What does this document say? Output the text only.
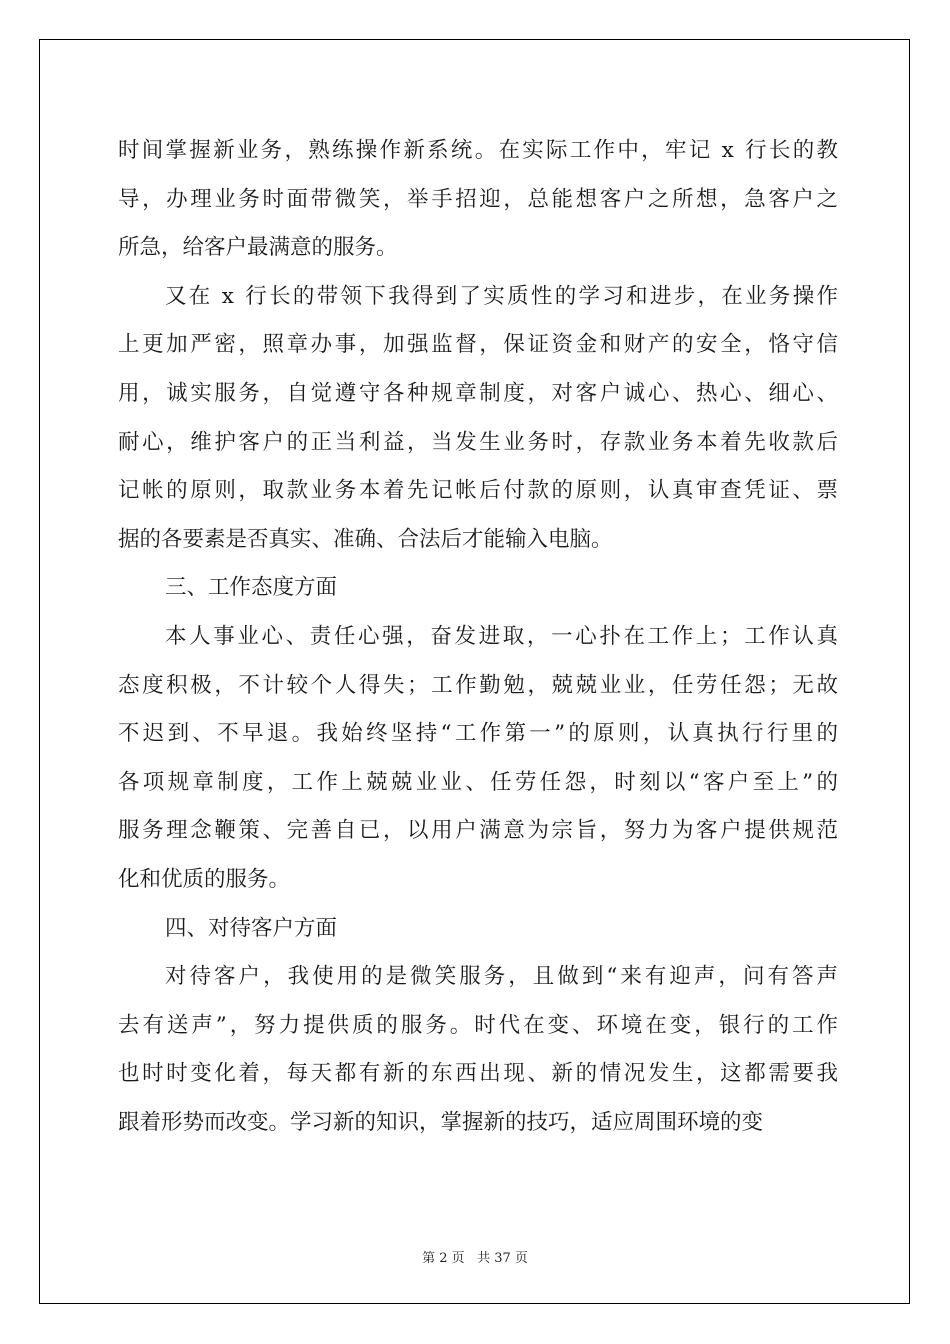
时间掌握新业务，熟练操作新系统。在实际工作中，牢记 x 行长的教
导，办理业务时面带微笑，举手招迎，总能想客户之所想，急客户之
所急，给客户最满意的服务。
又在 x 行长的带领下我得到了实质性的学习和进步，在业务操作
上更加严密，照章办事，加强监督，保证资金和财产的安全，恪守信
用，诚实服务，自觉遵守各种规章制度，对客户诚心、热心、细心、
耐心，维护客户的正当利益，当发生业务时，存款业务本着先收款后
记帐的原则，取款业务本着先记帐后付款的原则，认真审查凭证、票
据的各要素是否真实、准确、合法后才能输入电脑。
三、工作态度方面
本人事业心、责任心强，奋发进取，一心扑在工作上；工作认真
态度积极，不计较个人得失；工作勤勉，兢兢业业，任劳任怨；无故
不迟到、不早退。我始终坚持“工作第一”的原则，认真执行行里的
各项规章制度，工作上兢兢业业、任劳任怨，时刻以“客户至上”的
服务理念鞭策、完善自已，以用户满意为宗旨，努力为客户提供规范
化和优质的服务。
四、对待客户方面
对待客户，我使用的是微笑服务，且做到“来有迎声，问有答声
去有送声”，努力提供质的服务。时代在变、环境在变，银行的工作
也时时变化着，每天都有新的东西出现、新的情况发生，这都需要我
跟着形势而改变。学习新的知识，掌握新的技巧，适应周围环境的变
第 2 页 共 37 页
